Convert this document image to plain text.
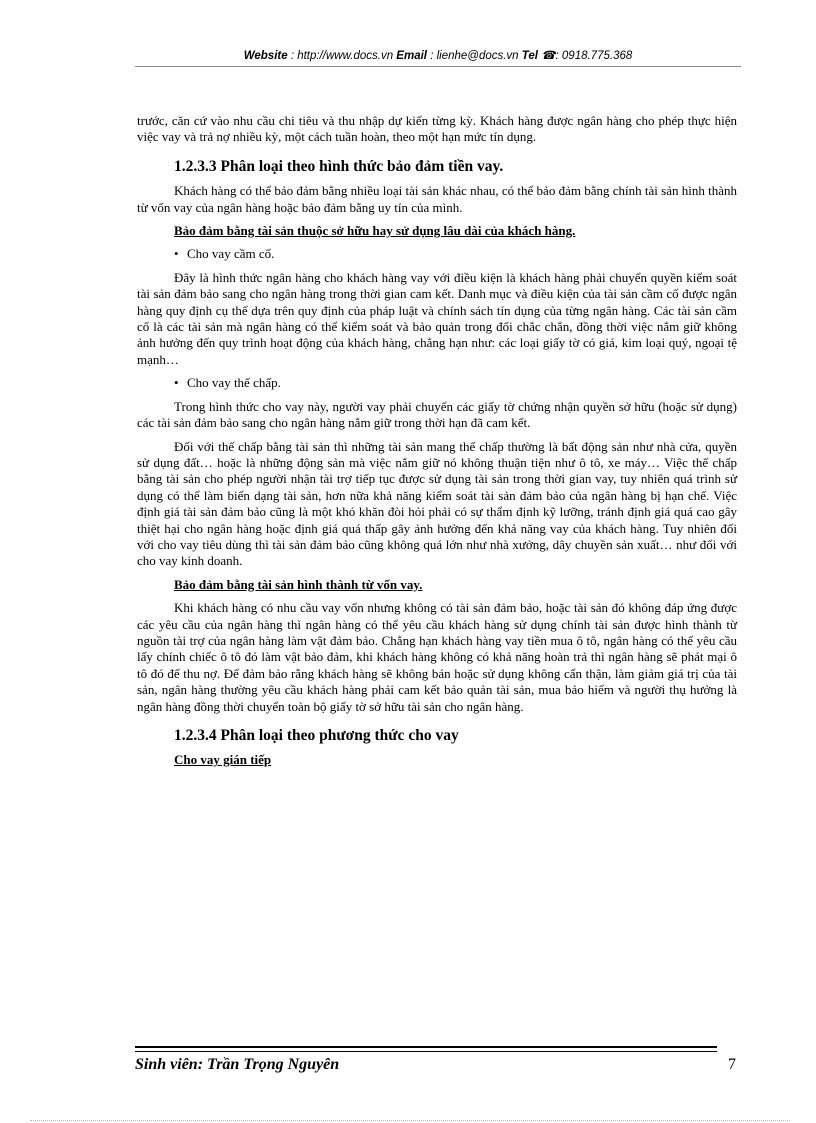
Website : http://www.docs.vn Email : lienhe@docs.vn Tel ☎: 0918.775.368

trước, căn cứ vào nhu cầu chi tiêu và thu nhập dự kiến từng kỳ. Khách hàng được ngân hàng cho phép thực hiện việc vay và trả nợ nhiều kỳ, một cách tuần hoàn, theo một hạn mức tín dụng.

1.2.3.3 Phân loại theo hình thức bảo đảm tiền vay.

Khách hàng có thể bảo đảm bằng nhiều loại tài sản khác nhau, có thể bảo đảm bằng chính tài sản hình thành từ vốn vay của ngân hàng hoặc bảo đảm bằng uy tín của mình.

Bảo đảm bằng tài sản thuộc sở hữu hay sử dụng lâu dài của khách hàng.
• Cho vay cầm cố.

Đây là hình thức ngân hàng cho khách hàng vay với điều kiện là khách hàng phải chuyển quyền kiểm soát tài sản đảm bảo sang cho ngân hàng trong thời gian cam kết. Danh mục và điều kiện của tài sản cầm cố được ngân hàng quy định cụ thể dựa trên quy định của pháp luật và chính sách tín dụng của từng ngân hàng. Các tài sản cầm cố là các tài sản mà ngân hàng có thể kiểm soát và bảo quản trong đối chắc chắn, đồng thời việc nắm giữ không ảnh hưởng đến quy trình hoạt động của khách hàng, chẳng hạn như: các loại giấy tờ có giá, kim loại quý, ngoại tệ mạnh…

• Cho vay thế chấp.

Trong hình thức cho vay này, người vay phải chuyển các giấy tờ chứng nhận quyền sở hữu (hoặc sử dụng) các tài sản đảm bảo sang cho ngân hàng nắm giữ trong thời hạn đã cam kết.

Đối với thế chấp bằng tài sản thì những tài sản mang thế chấp thường là bất động sản như nhà cửa, quyền sử dụng đất… hoặc là những động sản mà việc nắm giữ nó không thuận tiện như ô tô, xe máy… Việc thế chấp bằng tài sản cho phép người nhận tài trợ tiếp tục được sử dụng tài sản trong thời gian vay, tuy nhiên quá trình sử dụng có thể làm biến dạng tài sản, hơn nữa khả năng kiểm soát tài sản đảm bảo của ngân hàng bị hạn chế. Việc định giá tài sản đảm bảo cũng là một khó khăn đòi hỏi phải có sự thẩm định kỹ lưỡng, tránh định giá quá cao gây thiệt hại cho ngân hàng hoặc định giá quá thấp gây ảnh hưởng đến khả năng vay của khách hàng. Tuy nhiên đối với cho vay tiêu dùng thì tài sản đảm bảo cũng không quá lớn như nhà xưởng, dây chuyền sản xuất… như đối với cho vay kinh doanh.

Bảo đảm bằng tài sản hình thành từ vốn vay.

Khi khách hàng có nhu cầu vay vốn nhưng không có tài sản đảm bảo, hoặc tài sản đó không đáp ứng được các yêu cầu của ngân hàng thì ngân hàng có thể yêu cầu khách hàng sử dụng chính tài sản được hình thành từ nguồn tài trợ của ngân hàng làm vật đảm bảo. Chẳng hạn khách hàng vay tiền mua ô tô, ngân hàng có thể yêu cầu lấy chính chiếc ô tô đó làm vật bảo đảm, khi khách hàng không có khả năng hoàn trả thì ngân hàng sẽ phát mại ô tô đó để thu nợ. Để đảm bảo rằng khách hàng sẽ không bán hoặc sử dụng không cẩn thận, làm giảm giá trị của tài sản, ngân hàng thường yêu cầu khách hàng phải cam kết bảo quản tài sản, mua bảo hiểm và người thụ hưởng là ngân hàng đồng thời chuyển toàn bộ giấy tờ sở hữu tài sản cho ngân hàng.

1.2.3.4 Phân loại theo phương thức cho vay
Cho vay gián tiếp
Sinh viên: Trần Trọng Nguyên	7
